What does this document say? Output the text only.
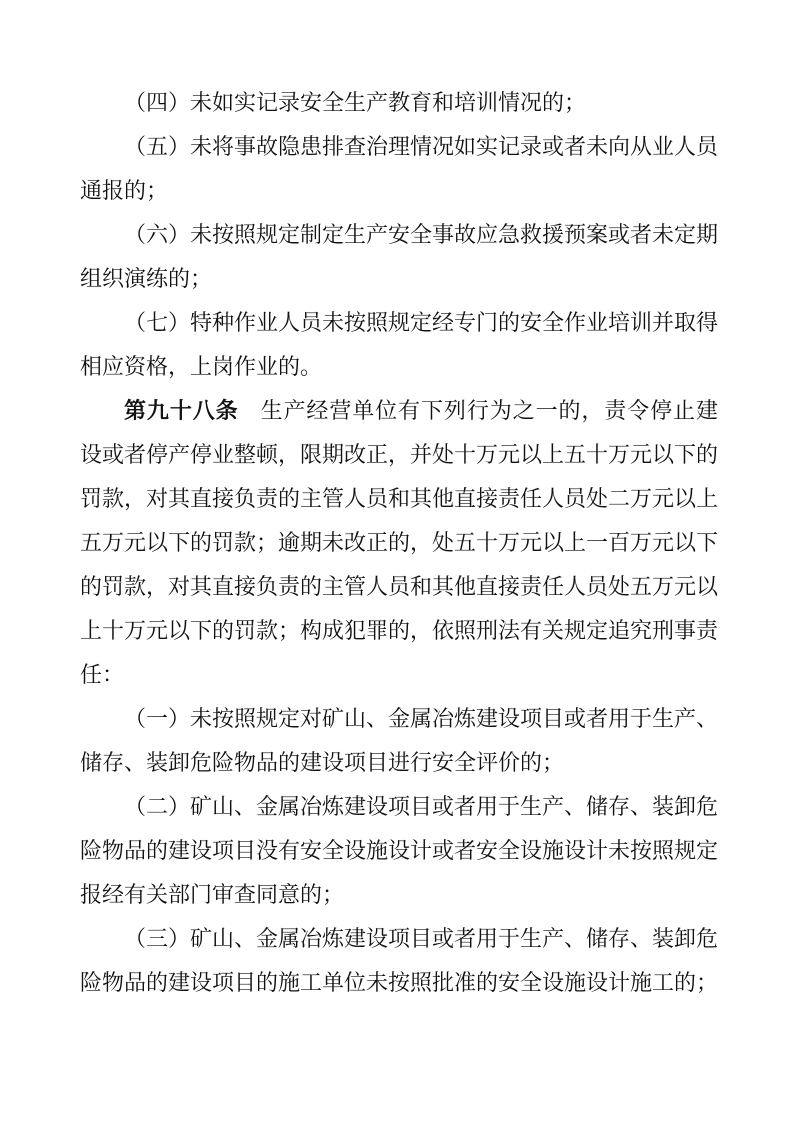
（四）未如实记录安全生产教育和培训情况的；

（五）未将事故隐患排查治理情况如实记录或者未向从业人员通报的；

（六）未按照规定制定生产安全事故应急救援预案或者未定期组织演练的；

（七）特种作业人员未按照规定经专门的安全作业培训并取得相应资格，上岗作业的。

第九十八条 生产经营单位有下列行为之一的，责令停止建设或者停产停业整顿，限期改正，并处十万元以上五十万元以下的罚款，对其直接负责的主管人员和其他直接责任人员处二万元以上五万元以下的罚款；逾期未改正的，处五十万元以上一百万元以下的罚款，对其直接负责的主管人员和其他直接责任人员处五万元以上十万元以下的罚款；构成犯罪的，依照刑法有关规定追究刑事责任：

（一）未按照规定对矿山、金属冶炼建设项目或者用于生产、储存、装卸危险物品的建设项目进行安全评价的；

（二）矿山、金属冶炼建设项目或者用于生产、储存、装卸危险物品的建设项目没有安全设施设计或者安全设施设计未按照规定报经有关部门审查同意的；

（三）矿山、金属冶炼建设项目或者用于生产、储存、装卸危险物品的建设项目的施工单位未按照批准的安全设施设计施工的；
